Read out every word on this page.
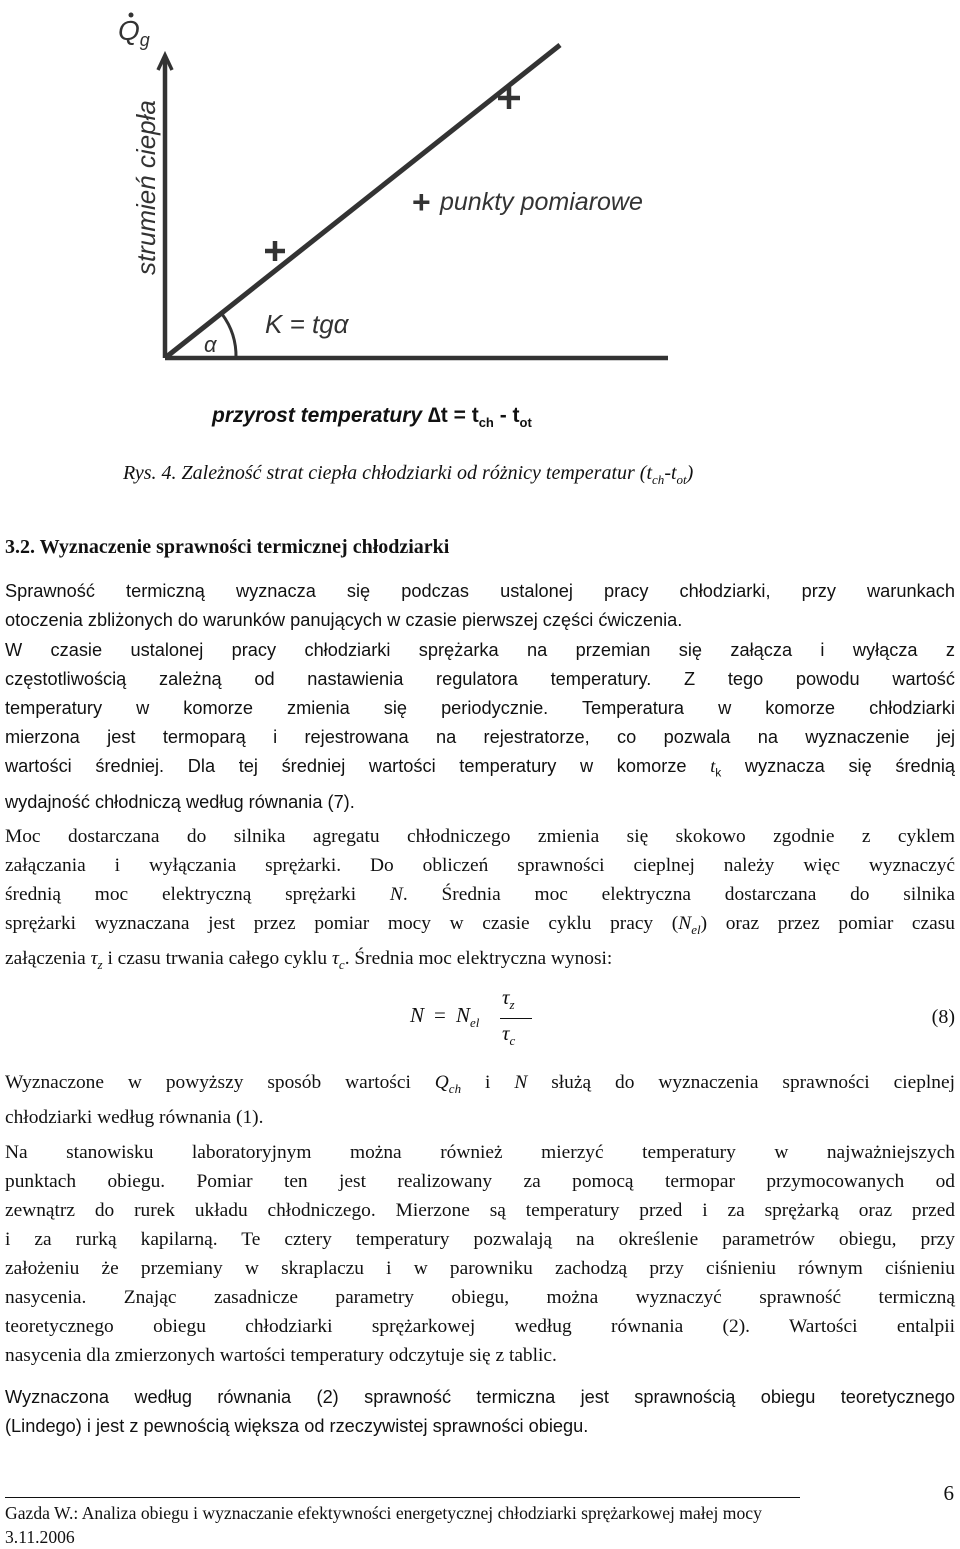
$Q_g$
strumień ciepła	+ punkty pomiarowe
K = tgα
α
przyrost temperatury $\Delta t = t_{ch} - t_{ot}$
Rys. 4. Zależność strat ciepła chłodziarki od różnicy temperatur $(t_{ch}-t_{ot})$
3.2. Wyznaczenie sprawności termicznej chłodziarki
Sprawność termiczną wyznacza się podczas ustalonej pracy chłodziarki, przy warunkach
otoczenia zbliżonych do warunków panujących w czasie pierwszej części ćwiczenia.
W czasie ustalonej pracy chłodziarki sprężarka na przemian się załącza i wyłącza z
częstotliwością zależną od nastawienia regulatora temperatury. Z tego powodu wartość
temperatury w komorze zmienia się periodycznie. Temperatura w komorze chłodziarki
mierzona jest termoparą i rejestrowana na rejestratorze, co pozwala na wyznaczenie jej
wartości średniej. Dla tej średniej wartości temperatury w komorze $t_k$ wyznacza się średnią
wydajność chłodniczą według równania (7).
Moc dostarczana do silnika agregatu chłodniczego zmienia się skokowo zgodnie z cyklem
załączania i wyłączania sprężarki. Do obliczeń sprawności cieplnej należy więc wyznaczyć
średnią moc elektryczną sprężarki N. Średnia moc elektryczna dostarczana do silnika
sprężarki wyznaczana jest przez pomiar mocy w czasie cyklu pracy $(N_{el})$ oraz przez pomiar czasu
załączenia $\tau_z$ i czasu trwania całego cyklu $\tau_c$. Średnia moc elektryczna wynosi:
$N = N_{el}$
$\tau_z$
$\tau_c$
(8)
Wyznaczone w powyższy sposób wartości $Q_{ch}$ i N służą do wyznaczenia sprawności cieplnej
chłodziarki według równania (1).
Na stanowisku laboratoryjnym można również mierzyć temperatury w najważniejszych
punktach obiegu. Pomiar ten jest realizowany za pomocą termopar przymocowanych od
zewnątrz do rurek układu chłodniczego. Mierzone są temperatury przed i za sprężarką oraz przed
i za rurką kapilarną. Te cztery temperatury pozwalają na określenie parametrów obiegu, przy
założeniu że przemiany w skraplaczu i w parowniku zachodzą przy ciśnieniu równym ciśnieniu
nasycenia. Znając zasadnicze parametry obiegu, można wyznaczyć sprawność termiczną
teoretycznego obiegu chłodziarki sprężarkowej według równania (2). Wartości entalpii
nasycenia dla zmierzonych wartości temperatury odczytuje się z tablic.
Wyznaczona według równania (2) sprawność termiczna jest sprawnością obiegu teoretycznego
(Lindego) i jest z pewnością większa od rzeczywistej sprawności obiegu.
6
Gazda W.: Analiza obiegu i wyznaczanie efektywności energetycznej chłodziarki sprężarkowej małej mocy
3.11.2006
